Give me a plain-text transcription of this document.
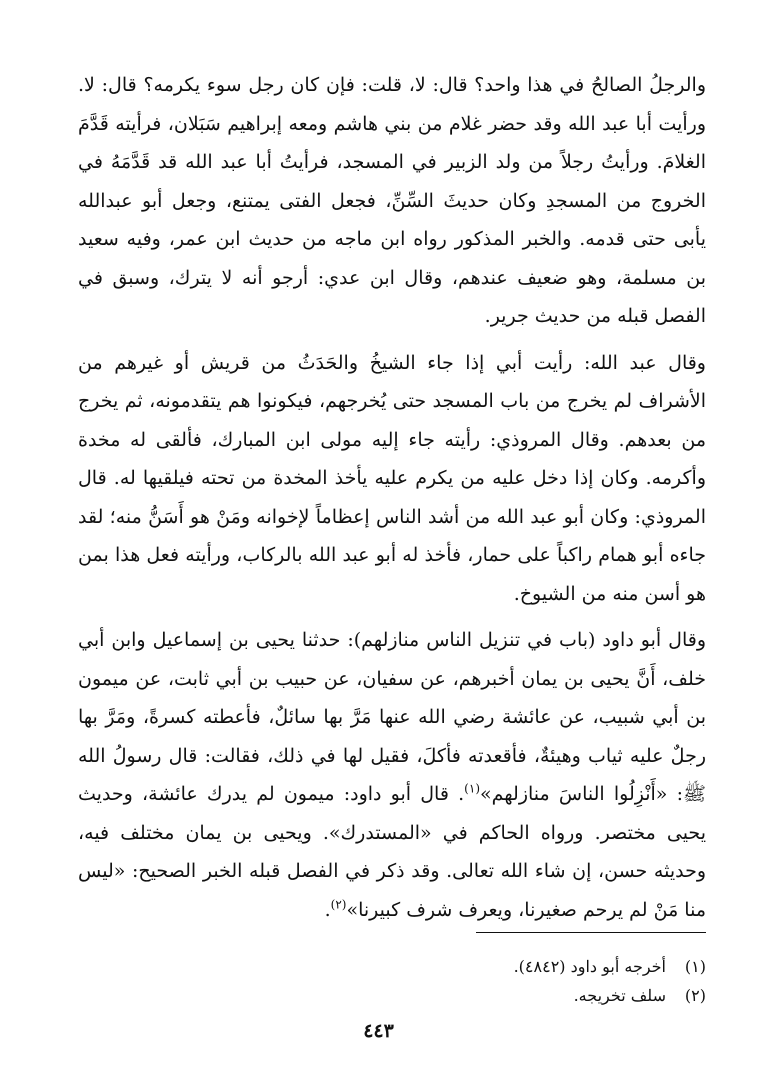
والرجلُ الصالحُ في هذا واحد؟ قال: لا، قلت: فإن كان رجل سوء يكرمه؟ قال: لا. ورأيت أبا عبد الله وقد حضر غلام من بني هاشم ومعه إبراهيم سَبَلان، فرأيته قَدَّمَ الغلامَ. ورأيتُ رجلاً من ولد الزبير في المسجد، فرأيتُ أبا عبد الله قد قَدَّمَهُ في الخروج من المسجدِ وكان حديثَ السِّنِّ، فجعل الفتى يمتنع، وجعل أبو عبدالله يأبى حتى قدمه. والخبر المذكور رواه ابن ماجه من حديث ابن عمر، وفيه سعيد بن مسلمة، وهو ضعيف عندهم، وقال ابن عدي: أرجو أنه لا يترك، وسبق في الفصل قبله من حديث جرير.

وقال عبد الله: رأيت أبي إذا جاء الشيخُ والحَدَثُ من قريش أو غيرهم من الأشراف لم يخرج من باب المسجد حتى يُخرجهم، فيكونوا هم يتقدمونه، ثم يخرج من بعدهم. وقال المروذي: رأيته جاء إليه مولى ابن المبارك، فألقى له مخدة وأكرمه. وكان إذا دخل عليه من يكرم عليه يأخذ المخدة من تحته فيلقيها له. قال المروذي: وكان أبو عبد الله من أشد الناس إعظاماً لإخوانه ومَنْ هو أَسَنُّ منه؛ لقد جاءه أبو همام راكباً على حمار، فأخذ له أبو عبد الله بالركاب، ورأيته فعل هذا بمن هو أسن منه من الشيوخ.

وقال أبو داود (باب في تنزيل الناس منازلهم): حدثنا يحيى بن إسماعيل وابن أبي خلف، أَنَّ يحيى بن يمان أخبرهم، عن سفيان، عن حبيب بن أبي ثابت، عن ميمون بن أبي شبيب، عن عائشة رضي الله عنها مَرَّ بها سائلٌ، فأعطته كسرةً، ومَرَّ بها رجلٌ عليه ثياب وهيئةٌ، فأقعدته فأكلَ، فقيل لها في ذلك، فقالت: قال رسولُ الله ﷺ: «أَنْزِلُوا الناسَ منازلهم»$^{(١)}$. قال أبو داود: ميمون لم يدرك عائشة، وحديث يحيى مختصر. ورواه الحاكم في «المستدرك». ويحيى بن يمان مختلف فيه، وحديثه حسن، إن شاء الله تعالى. وقد ذكر في الفصل قبله الخبر الصحيح: «ليس منا مَنْ لم يرحم صغيرنا، ويعرف شرف كبيرنا»$^{(٢)}$.

(١)
أخرجه أبو داود (٤٨٤٢).
(٢)
سلف تخريجه.
٤٤٣
